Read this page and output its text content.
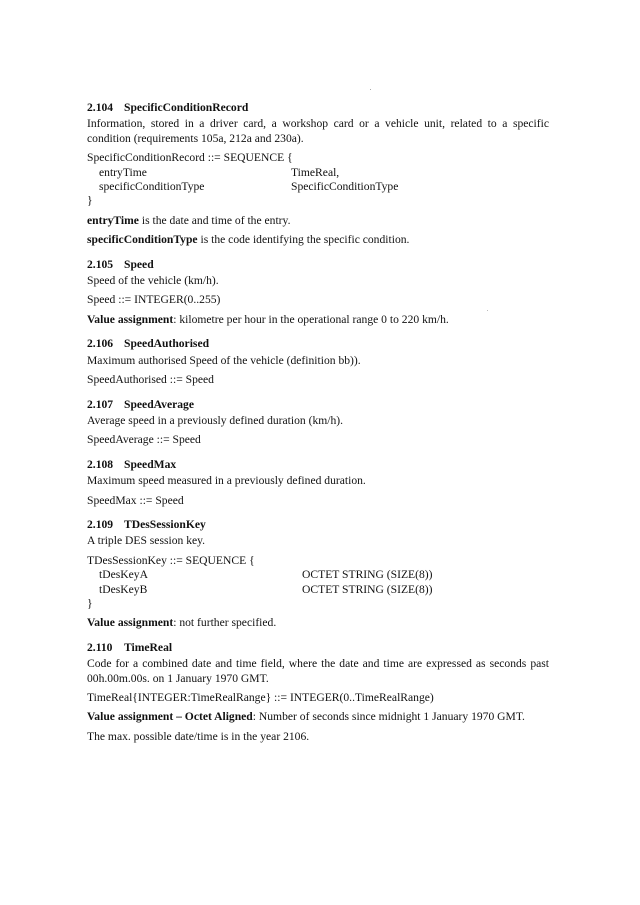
2.104 SpecificConditionRecord
Information, stored in a driver card, a workshop card or a vehicle unit, related to a specific condition (requirements 105a, 212a and 230a).
SpecificConditionRecord ::= SEQUENCE {
entryTime	TimeReal,
specificConditionType	SpecificConditionType
}
entryTime is the date and time of the entry.
specificConditionType is the code identifying the specific condition.
2.105 Speed
Speed of the vehicle (km/h).
Speed ::= INTEGER(0..255)
Value assignment: kilometre per hour in the operational range 0 to 220 km/h.
2.106 SpeedAuthorised
Maximum authorised Speed of the vehicle (definition bb)).
SpeedAuthorised ::= Speed
2.107 SpeedAverage
Average speed in a previously defined duration (km/h).
SpeedAverage ::= Speed
2.108 SpeedMax
Maximum speed measured in a previously defined duration.
SpeedMax ::= Speed
2.109 TDesSessionKey
A triple DES session key.
TDesSessionKey ::= SEQUENCE {
tDesKeyA	OCTET STRING (SIZE(8))
tDesKeyB	OCTET STRING (SIZE(8))
}
Value assignment: not further specified.
2.110 TimeReal
Code for a combined date and time field, where the date and time are expressed as seconds past 00h.00m.00s. on 1 January 1970 GMT.
TimeReal{INTEGER:TimeRealRange} ::= INTEGER(0..TimeRealRange)
Value assignment – Octet Aligned: Number of seconds since midnight 1 January 1970 GMT.
The max. possible date/time is in the year 2106.
